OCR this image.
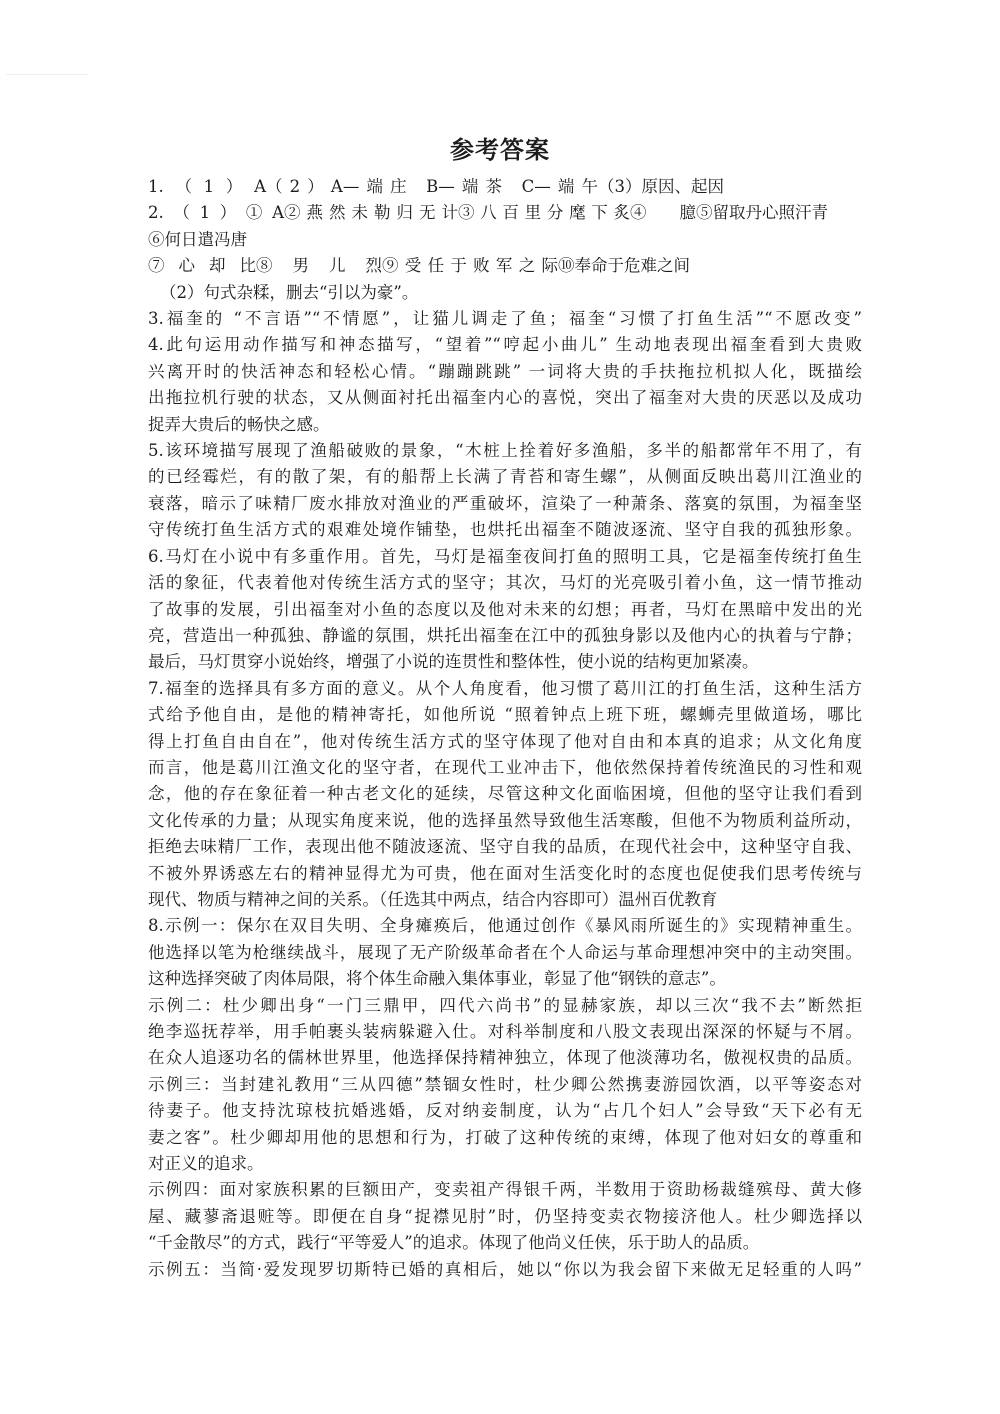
参考答案
1.（1）A （2）A—端庄 B—端茶 C—端午 （3）原因、起因
2.（1）①A ②燕然未勒归无计 ③八百里分麾下炙 ④臆 ⑤留取丹心照汗青
⑥何日遣冯唐
⑦心却比 ⑧男儿烈 ⑨受任于败军之际 ⑩奉命于危难之间
（2）句式杂糅，删去“引以为豪”。
3.福奎的 “不言语”“不情愿”，让猫儿调走了鱼；福奎“习惯了打鱼生活”“不愿改变”
4.此句运用动作描写和神态描写，“望着”“哼起小曲儿” 生动地表现出福奎看到大贵败
兴离开时的快活神态和轻松心情。“蹦蹦跳跳” 一词将大贵的手扶拖拉机拟人化，既描绘
出拖拉机行驶的状态，又从侧面衬托出福奎内心的喜悦，突出了福奎对大贵的厌恶以及成功
捉弄大贵后的畅快之感。
5.该环境描写展现了渔船破败的景象，“木桩上拴着好多渔船，多半的船都常年不用了，有
的已经霉烂，有的散了架，有的船帮上长满了青苔和寄生螺”，从侧面反映出葛川江渔业的
衰落，暗示了味精厂废水排放对渔业的严重破坏，渲染了一种萧条、落寞的氛围，为福奎坚
守传统打鱼生活方式的艰难处境作铺垫，也烘托出福奎不随波逐流、坚守自我的孤独形象。
6.马灯在小说中有多重作用。首先，马灯是福奎夜间打鱼的照明工具，它是福奎传统打鱼生
活的象征，代表着他对传统生活方式的坚守；其次，马灯的光亮吸引着小鱼，这一情节推动
了故事的发展，引出福奎对小鱼的态度以及他对未来的幻想；再者，马灯在黑暗中发出的光
亮，营造出一种孤独、静谧的氛围，烘托出福奎在江中的孤独身影以及他内心的执着与宁静；
最后，马灯贯穿小说始终，增强了小说的连贯性和整体性，使小说的结构更加紧凑。
7.福奎的选择具有多方面的意义。从个人角度看，他习惯了葛川江的打鱼生活，这种生活方
式给予他自由，是他的精神寄托，如他所说 “照着钟点上班下班，螺蛳壳里做道场，哪比
得上打鱼自由自在”，他对传统生活方式的坚守体现了他对自由和本真的追求；从文化角度
而言，他是葛川江渔文化的坚守者，在现代工业冲击下，他依然保持着传统渔民的习性和观
念，他的存在象征着一种古老文化的延续，尽管这种文化面临困境，但他的坚守让我们看到
文化传承的力量；从现实角度来说，他的选择虽然导致他生活寒酸，但他不为物质利益所动，
拒绝去味精厂工作，表现出他不随波逐流、坚守自我的品质，在现代社会中，这种坚守自我、
不被外界诱惑左右的精神显得尤为可贵，他在面对生活变化时的态度也促使我们思考传统与
现代、物质与精神之间的关系。（任选其中两点，结合内容即可）温州百优教育
8.示例一：保尔在双目失明、全身瘫痪后，他通过创作《暴风雨所诞生的》实现精神重生。
他选择以笔为枪继续战斗，展现了无产阶级革命者在个人命运与革命理想冲突中的主动突围。
这种选择突破了肉体局限，将个体生命融入集体事业，彰显了他“钢铁的意志”。
示例二：杜少卿出身“一门三鼎甲，四代六尚书”的显赫家族，却以三次“我不去”断然拒
绝李巡抚荐举，用手帕裹头装病躲避入仕。对科举制度和八股文表现出深深的怀疑与不屑。
在众人追逐功名的儒林世界里，他选择保持精神独立，体现了他淡薄功名，傲视权贵的品质。
示例三：当封建礼教用“三从四德”禁锢女性时，杜少卿公然携妻游园饮酒，以平等姿态对
待妻子。他支持沈琼枝抗婚逃婚，反对纳妾制度，认为“占几个妇人”会导致“天下必有无
妻之客”。杜少卿却用他的思想和行为，打破了这种传统的束缚，体现了他对妇女的尊重和
对正义的追求。
示例四：面对家族积累的巨额田产，变卖祖产得银千两，半数用于资助杨裁缝殡母、黄大修
屋、藏蓼斋退赃等。即便在自身“捉襟见肘”时，仍坚持变卖衣物接济他人。杜少卿选择以
“千金散尽”的方式，践行“平等爱人”的追求。体现了他尚义任侠，乐于助人的品质。
示例五：当简·爱发现罗切斯特已婚的真相后，她以“你以为我会留下来做无足轻重的人吗”
